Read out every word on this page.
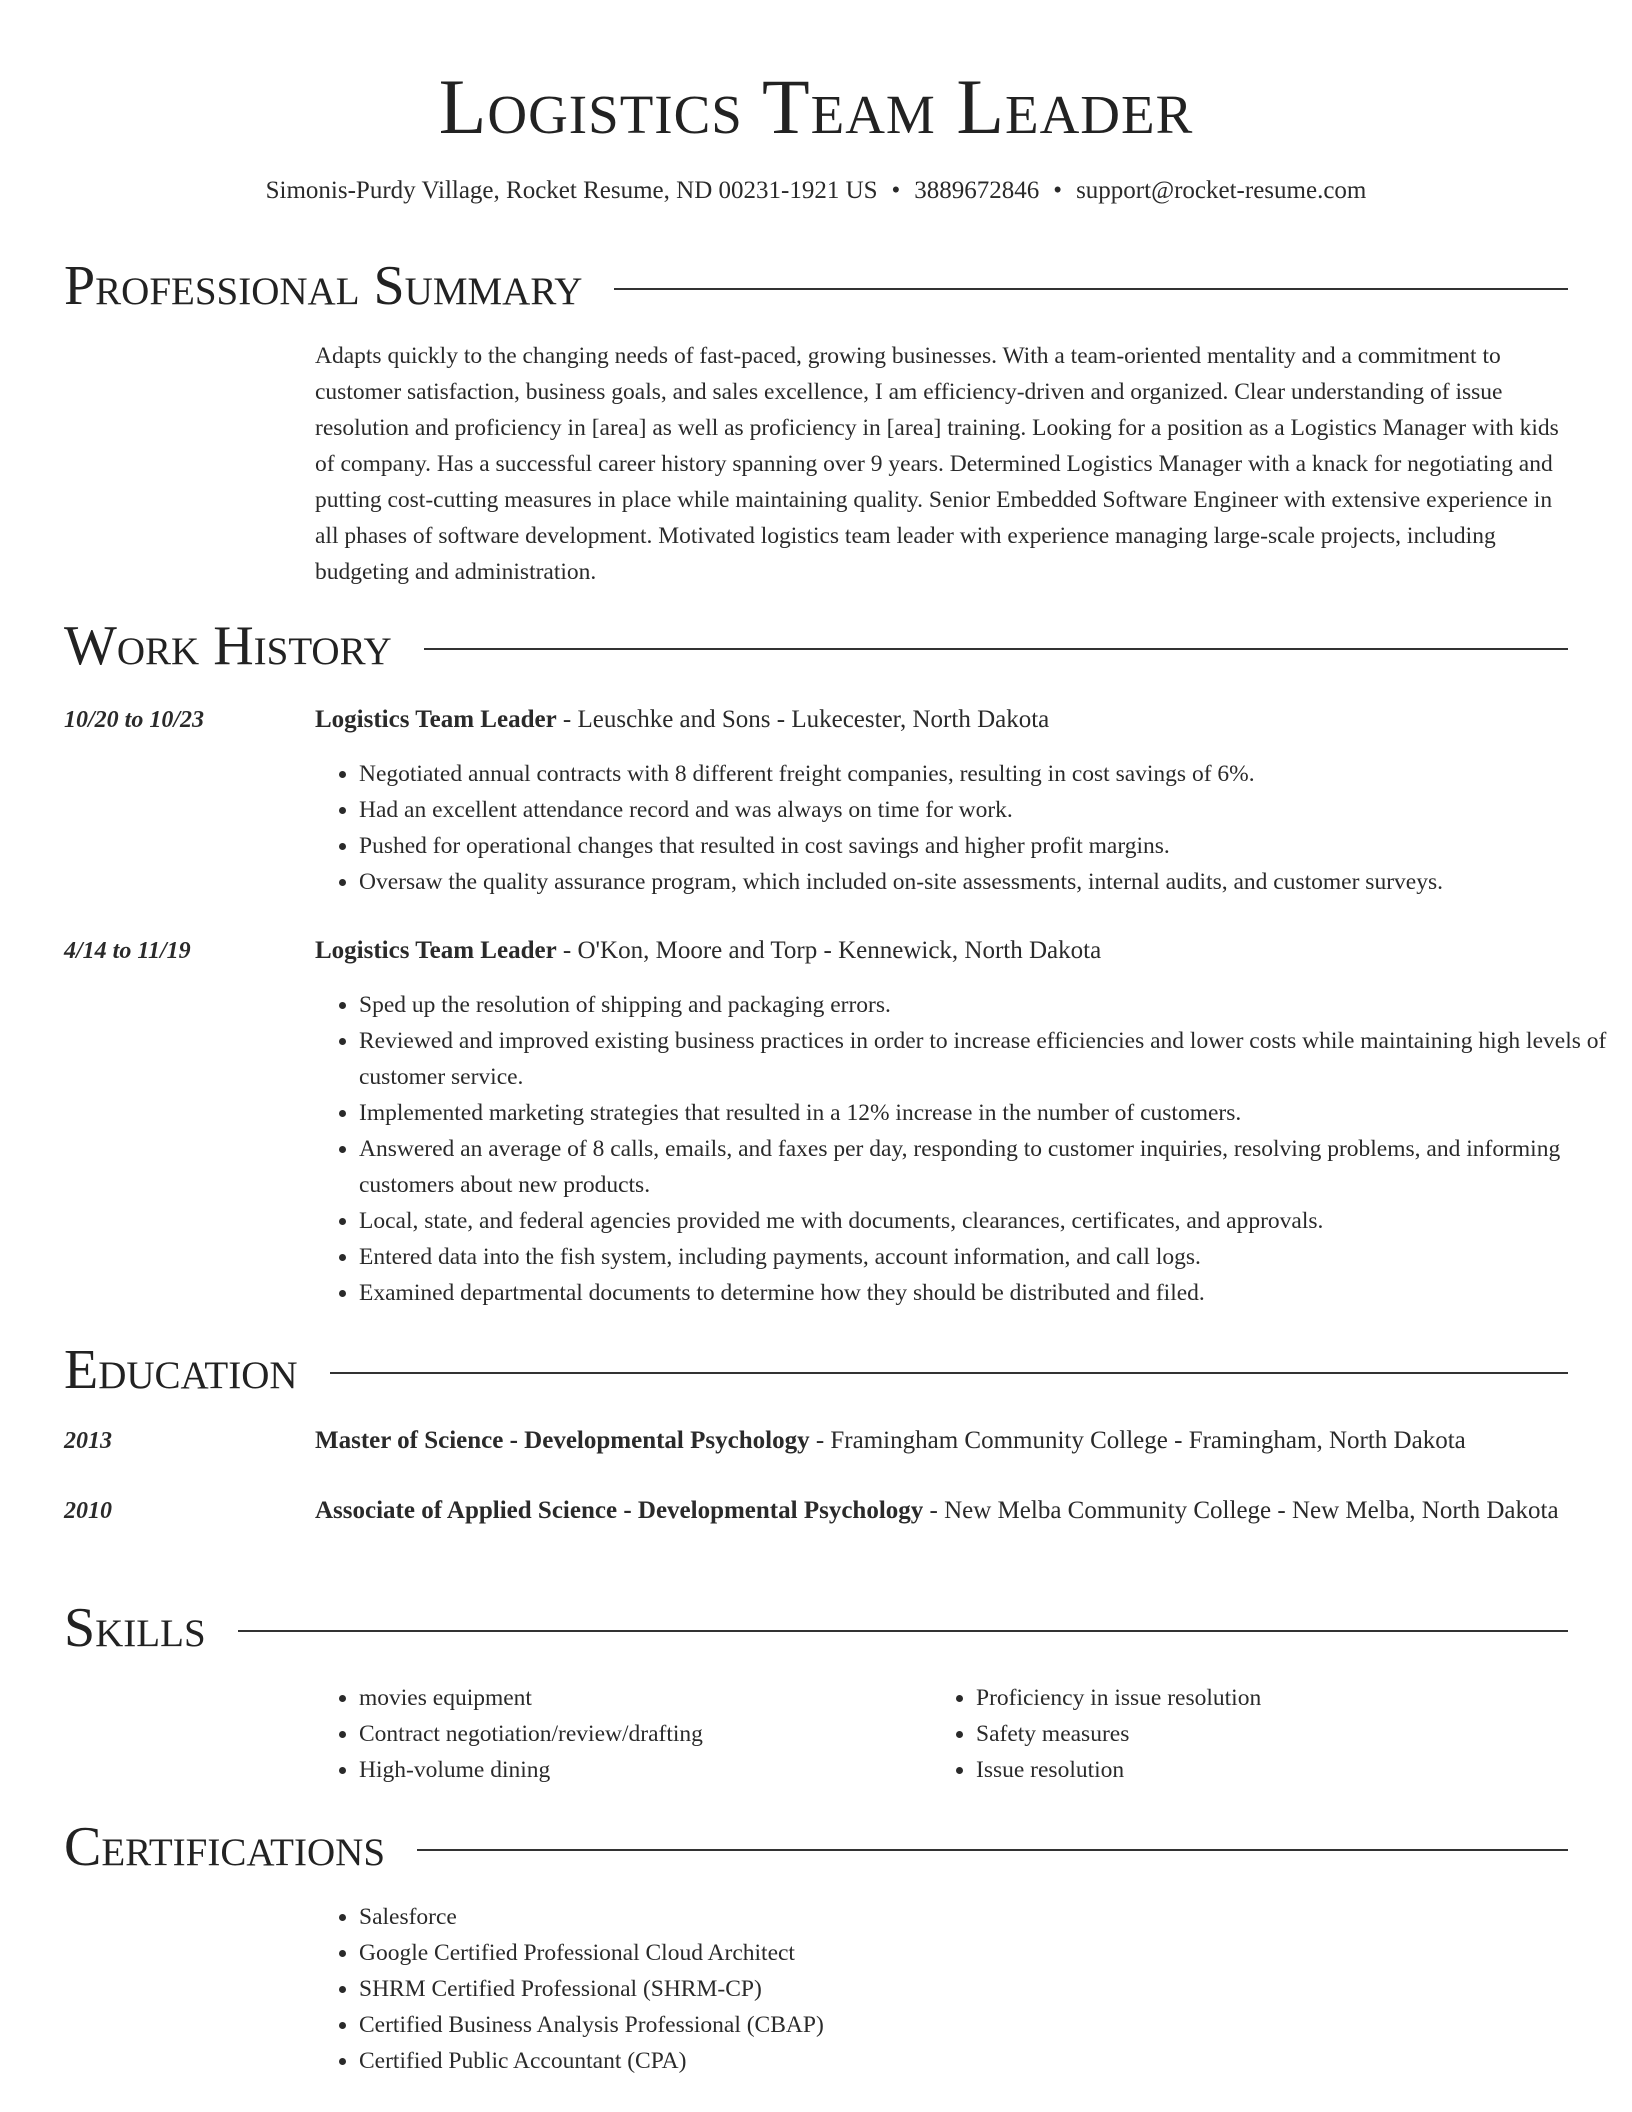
Logistics Team Leader
Simonis-Purdy Village, Rocket Resume, ND 00231-1921 US • 3889672846 • support@rocket-resume.com
Professional Summary

Adapts quickly to the changing needs of fast-paced, growing businesses. With a team-oriented mentality and a commitment to customer satisfaction, business goals, and sales excellence, I am efficiency-driven and organized. Clear understanding of issue resolution and proficiency in [area] as well as proficiency in [area] training. Looking for a position as a Logistics Manager with kids of company. Has a successful career history spanning over 9 years. Determined Logistics Manager with a knack for negotiating and putting cost-cutting measures in place while maintaining quality. Senior Embedded Software Engineer with extensive experience in all phases of software development. Motivated logistics team leader with experience managing large-scale projects, including budgeting and administration.

Work History
10/20 to 10/23	Logistics Team Leader - Leuschke and Sons - Lukecester, North Dakota
• Negotiated annual contracts with 8 different freight companies, resulting in cost savings of 6%.
• Had an excellent attendance record and was always on time for work.
• Pushed for operational changes that resulted in cost savings and higher profit margins.
• Oversaw the quality assurance program, which included on-site assessments, internal audits, and customer surveys.
4/14 to 11/19	Logistics Team Leader - O'Kon, Moore and Torp - Kennewick, North Dakota
• Sped up the resolution of shipping and packaging errors.
• Reviewed and improved existing business practices in order to increase efficiencies and lower costs while maintaining high levels of customer service.
• Implemented marketing strategies that resulted in a 12% increase in the number of customers.
• Answered an average of 8 calls, emails, and faxes per day, responding to customer inquiries, resolving problems, and informing customers about new products.
• Local, state, and federal agencies provided me with documents, clearances, certificates, and approvals.
• Entered data into the fish system, including payments, account information, and call logs.
• Examined departmental documents to determine how they should be distributed and filed.
Education
2013	Master of Science - Developmental Psychology - Framingham Community College - Framingham, North Dakota
2010	Associate of Applied Science - Developmental Psychology - New Melba Community College - New Melba, North Dakota
Skills
• movies equipment
• Contract negotiation/review/drafting
• High-volume dining
• Proficiency in issue resolution
• Safety measures
• Issue resolution
Certifications
• Salesforce
• Google Certified Professional Cloud Architect
• SHRM Certified Professional (SHRM-CP)
• Certified Business Analysis Professional (CBAP)
• Certified Public Accountant (CPA)
